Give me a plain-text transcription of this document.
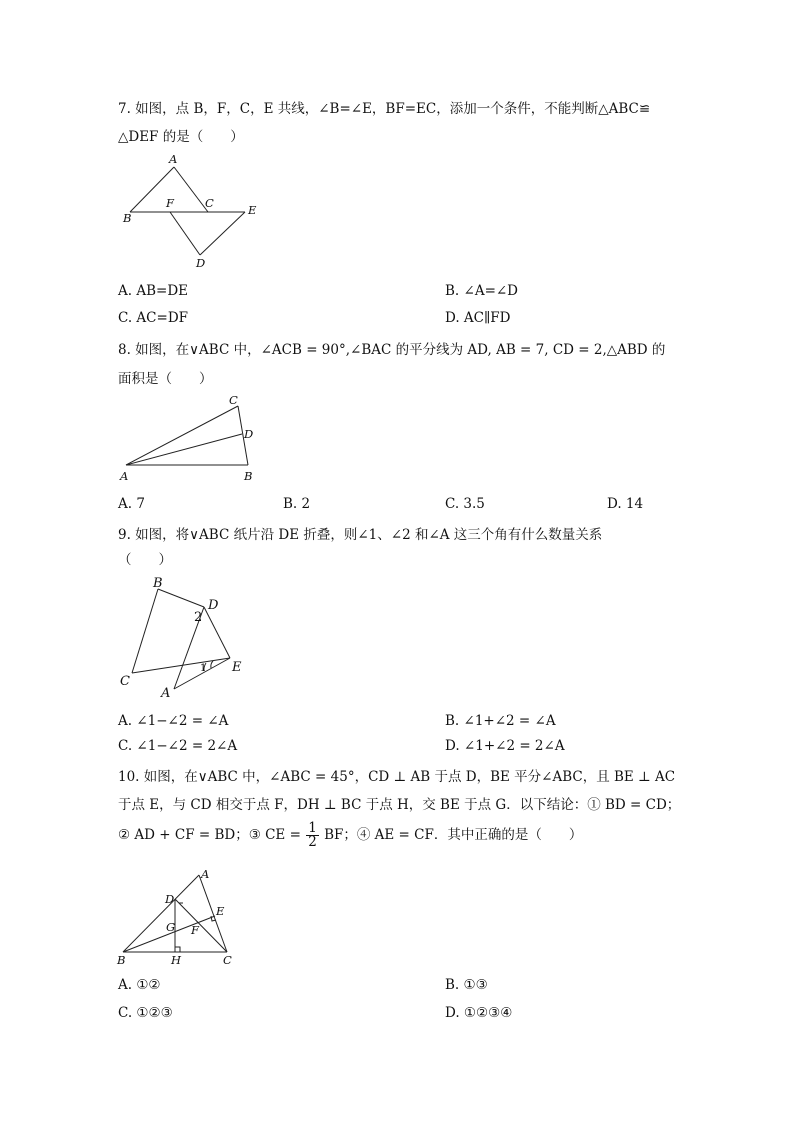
7. 如图，点 B，F，C，E 共线，∠B=∠E，BF=EC，添加一个条件，不能判断△ABC≌
△DEF 的是（　　）
A
B
F	C	E
D
A. AB=DE	B. ∠A=∠D
C. AC=DF	D. AC∥FD
8. 如图，在∨ABC 中，∠ACB = 90°,∠BAC 的平分线为 AD, AB = 7, CD = 2,△ABD 的
面积是（　　）
C
D
A	B
A. 7	B. 2	C. 3.5	D. 14
9. 如图，将∨ABC 纸片沿 DE 折叠，则∠1、∠2 和∠A 这三个角有什么数量关系
（　　）
B
D
C
E
A
2
1
A. ∠1−∠2 = ∠A	B. ∠1+∠2 = ∠A
C. ∠1−∠2 = 2∠A	D. ∠1+∠2 = 2∠A
10. 如图，在∨ABC 中，∠ABC = 45°，CD ⊥ AB 于点 D，BE 平分∠ABC，且 BE ⊥ AC
于点 E，与 CD 相交于点 F，DH ⊥ BC 于点 H，交 BE 于点 G．以下结论：① BD = CD；
② AD + CF = BD；③ CE = $\frac{1}{2}$ BF；④ AE = CF．其中正确的是（　　）
A
D
E
G F
B	H	C
A. ①②	B. ①③
C. ①②③	D. ①②③④
